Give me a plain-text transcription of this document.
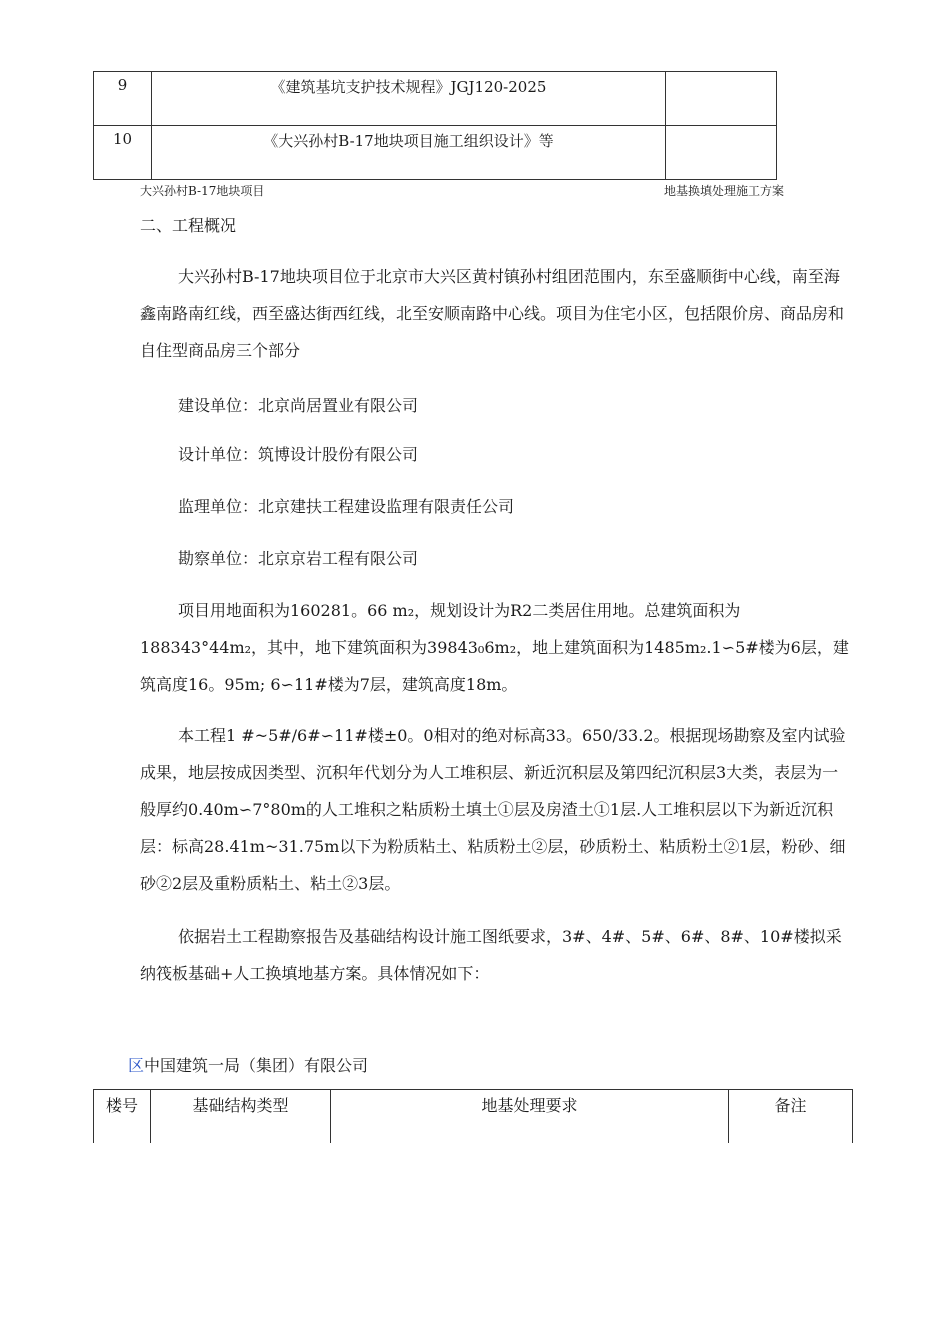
9	《建筑基坑支护技术规程》JGJ120-2025	
10	《大兴孙村B-17地块项目施工组织设计》等	
大兴孙村B-17地块项目	地基换填处理施工方案
二、工程概况

大兴孙村B-17地块项目位于北京市大兴区黄村镇孙村组团范围内，东至盛顺街中心线，南至海鑫南路南红线，西至盛达街西红线，北至安顺南路中心线。项目为住宅小区，包括限价房、商品房和自住型商品房三个部分

建设单位：北京尚居置业有限公司
设计单位：筑博设计股份有限公司
监理单位：北京建扶工程建设监理有限责任公司
勘察单位：北京京岩工程有限公司

项目用地面积为160281。66 m₂，规划设计为R2二类居住用地。总建筑面积为188343°44m₂，其中，地下建筑面积为39843₀6m₂，地上建筑面积为1485m₂.1∽5#楼为6层，建筑高度16。95m; 6∽11#楼为7层，建筑高度18m。

本工程1 #~5#/6#∽11#楼±0。0相对的绝对标高33。650/33.2。根据现场勘察及室内试验成果，地层按成因类型、沉积年代划分为人工堆积层、新近沉积层及第四纪沉积层3大类，表层为一般厚约0.40m∽7°80m的人工堆积之粘质粉土填土①层及房渣土①1层.人工堆积层以下为新近沉积层：标高28.41m~31.75m以下为粉质粘土、粘质粉土②层，砂质粉土、粘质粉土②1层，粉砂、细砂②2层及重粉质粘土、粘土②3层。

依据岩土工程勘察报告及基础结构设计施工图纸要求，3#、4#、5#、6#、8#、10#楼拟采纳筏板基础+人工换填地基方案。具体情况如下：

区中国建筑一局（集团）有限公司
楼号	基础结构类型	地基处理要求	备注
